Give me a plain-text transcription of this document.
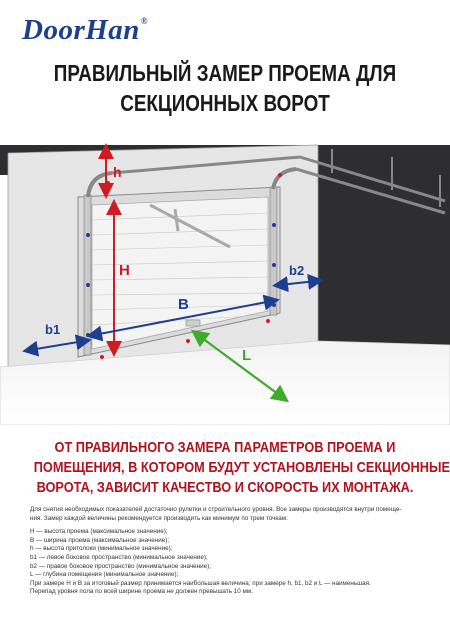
DoorHan®
ПРАВИЛЬНЫЙ ЗАМЕР ПРОЕМА ДЛЯ
СЕКЦИОННЫХ ВОРОТ
H
h
B
b1
b2
L
ОТ ПРАВИЛЬНОГО ЗАМЕРА ПАРАМЕТРОВ ПРОЕМА И
ПОМЕЩЕНИЯ, В КОТОРОМ БУДУТ УСТАНОВЛЕНЫ СЕКЦИОННЫЕ
ВОРОТА, ЗАВИСИТ КАЧЕСТВО И СКОРОСТЬ ИХ МОНТАЖА.

Для снятия необходимых показателей достаточно рулетки и строительного уровня. Все замеры производятся внутри помеще-

ния. Замер каждой величины рекомендуется производить как минимум по трем точкам:

H — высота проема (максимальное значение);

B — ширина проема (максимальное значение);

h — высота притолоки (минимальное значение);

b1 — левое боковое пространство (минимальное значение);

b2 — правое боковое пространство (минимальное значение);

L — глубина помещения (минимальное значение);

При замере H и B за итоговый размер принимается наибольшая величина; при замере h, b1, b2 и L — наименьшая.

Перепад уровня пола по всей ширине проема не должен превышать 10 мм.
